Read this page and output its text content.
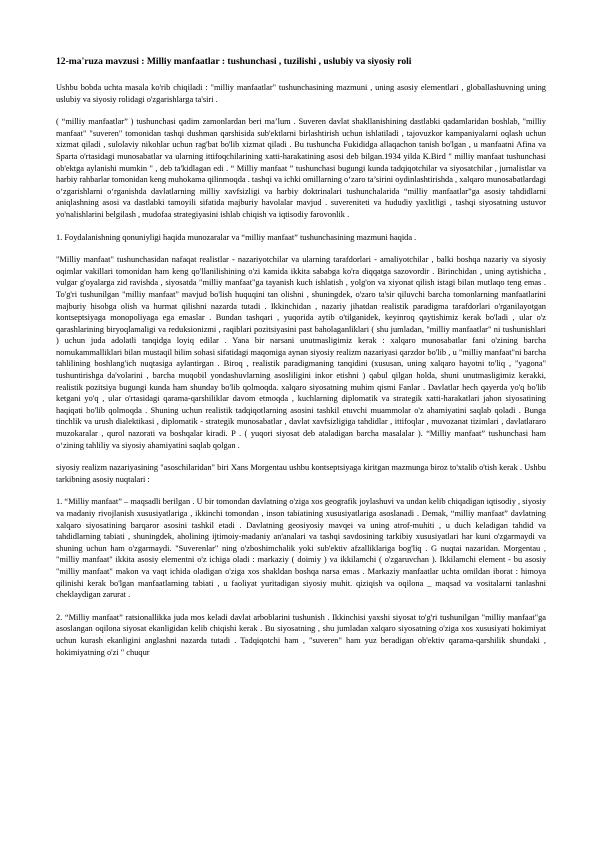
12-ma'ruza mavzusi : Milliy manfaatlar : tushunchasi , tuzilishi , uslubiy va siyosiy roli
Ushbu bobda uchta masala ko'rib chiqiladi : "milliy manfaatlar" tushunchasining mazmuni , uning asosiy elementlari , globallashuvning uning uslubiy va siyosiy rolidagi o'zgarishlarga ta'siri .
( “milliy manfaatlar” ) tushunchasi qadim zamonlardan beri ma’lum . Suveren davlat shakllanishining dastlabki qadamlaridan boshlab, "milliy manfaat" "suveren" tomonidan tashqi dushman qarshisida sub'ektlarni birlashtirish uchun ishlatiladi , tajovuzkor kampaniyalarni oqlash uchun xizmat qiladi , sulolaviy nikohlar uchun rag'bat bo'lib xizmat qiladi . Bu tushuncha Fukididga allaqachon tanish bo'lgan , u manfaatni Afina va Sparta o'rtasidagi munosabatlar va ularning ittifoqchilarining xatti-harakatining asosi deb bilgan.1934 yilda K.Bird " milliy manfaat tushunchasi ob'ektga aylanishi mumkin " , deb ta'kidlagan edi . “ Milliy manfaat ” tushunchasi bugungi kunda tadqiqotchilar va siyosatchilar , jurnalistlar va harbiy rahbarlar tomonidan keng muhokama qilinmoqda . tashqi va ichki omillarning o‘zaro ta’sirini oydinlashtirishda , xalqaro munosabatlardagi o‘zgarishlarni o‘rganishda davlatlarning milliy xavfsizligi va harbiy doktrinalari tushunchalarida “milliy manfaatlar”ga asosiy tahdidlarni aniqlashning asosi va dastlabki tamoyili sifatida majburiy havolalar mavjud . suvereniteti va hududiy yaxlitligi , tashqi siyosatning ustuvor yo'nalishlarini belgilash , mudofaa strategiyasini ishlab chiqish va iqtisodiy farovonlik .
1. Foydalanishning qonuniyligi haqida munozaralar va “milliy manfaat” tushunchasining mazmuni haqida .
"Milliy manfaat" tushunchasidan nafaqat realistlar - nazariyotchilar va ularning tarafdorlari - amaliyotchilar , balki boshqa nazariy va siyosiy oqimlar vakillari tomonidan ham keng qo'llanilishining o'zi kamida ikkita sababga ko'ra diqqatga sazovordir . Birinchidan , uning aytishicha , vulgar g'oyalarga zid ravishda , siyosatda "milliy manfaat"ga tayanish kuch ishlatish , yolg'on va xiyonat qilish istagi bilan mutlaqo teng emas . To'g'ri tushunilgan "milliy manfaat" mavjud bo'lish huquqini tan olishni , shuningdek, o'zaro ta'sir qiluvchi barcha tomonlarning manfaatlarini majburiy hisobga olish va hurmat qilishni nazarda tutadi . Ikkinchidan , nazariy jihatdan realistik paradigma tarafdorlari o'rganilayotgan kontseptsiyaga monopoliyaga ega emaslar . Bundan tashqari , yuqorida aytib o'tilganidek, keyinroq qaytishimiz kerak bo'ladi , ular o'z qarashlarining biryoqlamaligi va reduksionizmi , raqiblari pozitsiyasini past baholaganliklari ( shu jumladan, "milliy manfaatlar" ni tushunishlari ) uchun juda adolatli tanqidga loyiq edilar . Yana bir narsani unutmasligimiz kerak : xalqaro munosabatlar fani o'zining barcha nomukammalliklari bilan mustaqil bilim sohasi sifatidagi maqomiga aynan siyosiy realizm nazariyasi qarzdor bo'lib , u "milliy manfaat"ni barcha tahlilining boshlang'ich nuqtasiga aylantirgan . Biroq , realistik paradigmaning tanqidini (xususan, uning xalqaro hayotni to'liq , "yagona" tushuntirishga da'volarini , barcha muqobil yondashuvlarning asosliligini inkor etishni ) qabul qilgan holda, shuni unutmasligimiz kerakki, realistik pozitsiya bugungi kunda ham shunday bo'lib qolmoqda. xalqaro siyosatning muhim qismi Fanlar . Davlatlar hech qayerda yo'q bo'lib ketgani yo'q , ular o'rtasidagi qarama-qarshiliklar davom etmoqda , kuchlarning diplomatik va strategik xatti-harakatlari jahon siyosatining haqiqati bo'lib qolmoqda . Shuning uchun realistik tadqiqotlarning asosini tashkil etuvchi muammolar o'z ahamiyatini saqlab qoladi . Bunga tinchlik va urush dialektikasi , diplomatik - strategik munosabatlar , davlat xavfsizligiga tahdidlar , ittifoqlar , muvozanat tizimlari , davlatlararo muzokaralar , qurol nazorati va boshqalar kiradi. P . ( yuqori siyosat deb ataladigan barcha masalalar ). “Milliy manfaat” tushunchasi ham o‘zining tahliliy va siyosiy ahamiyatini saqlab qolgan .
siyosiy realizm nazariyasining "asoschilaridan" biri Xans Morgentau ushbu kontseptsiyaga kiritgan mazmunga biroz to'xtalib o'tish kerak . Ushbu tarkibning asosiy nuqtalari :
1. “Milliy manfaat” – maqsadli berilgan . U bir tomondan davlatning o'ziga xos geografik joylashuvi va undan kelib chiqadigan iqtisodiy , siyosiy va madaniy rivojlanish xususiyatlariga , ikkinchi tomondan , inson tabiatining xususiyatlariga asoslanadi . Demak, “milliy manfaat” davlatning xalqaro siyosatining barqaror asosini tashkil etadi . Davlatning geosiyosiy mavqei va uning atrof-muhiti , u duch keladigan tahdid va tahdidlarning tabiati , shuningdek, aholining ijtimoiy-madaniy an'analari va tashqi savdosining tarkibiy xususiyatlari har kuni o'zgarmaydi va shuning uchun ham o'zgarmaydi. "Suverenlar" ning o'zboshimchalik yoki sub'ektiv afzalliklariga bog'liq . G nuqtai nazaridan. Morgentau , "milliy manfaat" ikkita asosiy elementni o'z ichiga oladi : markaziy ( doimiy ) va ikkilamchi ( o'zgaruvchan ). Ikkilamchi element - bu asosiy "milliy manfaat" makon va vaqt ichida oladigan o'ziga xos shakldan boshqa narsa emas . Markaziy manfaatlar uchta omildan iborat : himoya qilinishi kerak bo'lgan manfaatlarning tabiati , u faoliyat yuritadigan siyosiy muhit. qiziqish va oqilona _ maqsad va vositalarni tanlashni cheklaydigan zarurat .
2. “Milliy manfaat” ratsionallikka juda mos keladi davlat arboblarini tushunish . Ikkinchisi yaxshi siyosat to'g'ri tushunilgan "milliy manfaat"ga asoslangan oqilona siyosat ekanligidan kelib chiqishi kerak . Bu siyosatning , shu jumladan xalqaro siyosatning o'ziga xos xususiyati hokimiyat uchun kurash ekanligini anglashni nazarda tutadi . Tadqiqotchi ham , "suveren" ham yuz beradigan ob'ektiv qarama-qarshilik shundaki , hokimiyatning o'zi " chuqur
